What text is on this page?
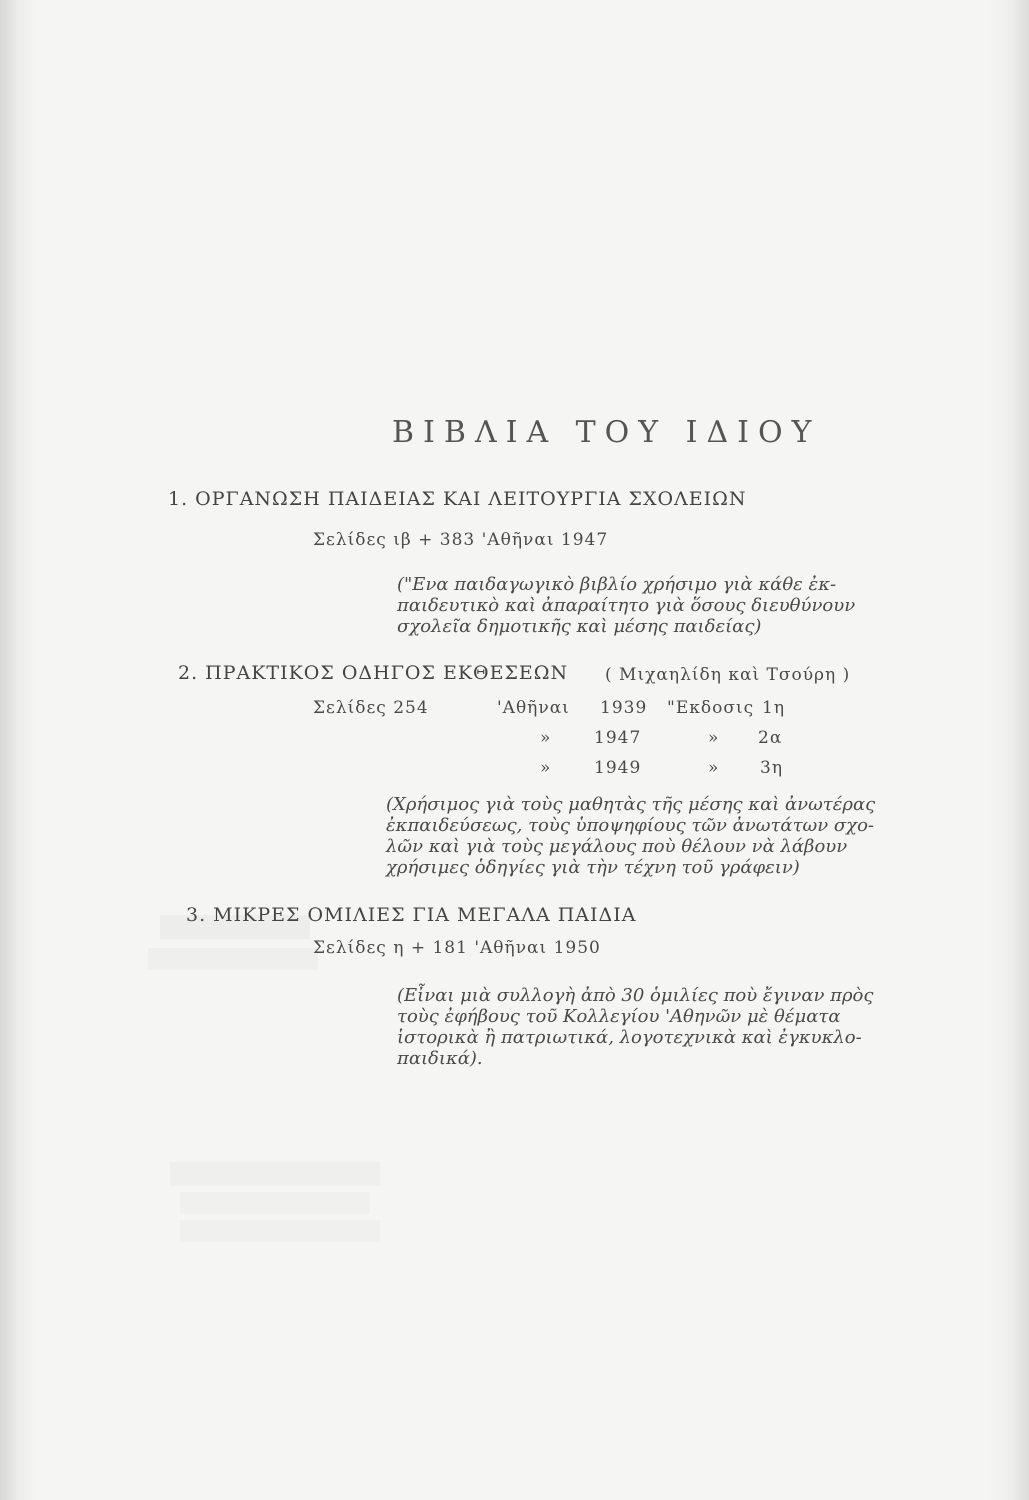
ΒΙΒΛΙΑ ΤΟΥ ΙΔΙΟΥ
1. ΟΡΓΑΝΩΣΗ ΠΑΙΔΕΙΑΣ ΚΑΙ ΛΕΙΤΟΥΡΓΙΑ ΣΧΟΛΕΙΩΝ
Σελίδες ιβ + 383 'Αθῆναι 1947
("Ενα παιδαγωγικὸ βιβλίο χρήσιμο γιὰ κάθε ἐκ-
παιδευτικὸ καὶ ἀπαραίτητο γιὰ ὅσους διευθύνουν
σχολεῖα δημοτικῆς καὶ μέσης παιδείας)
2. ΠΡΑΚΤΙΚΟΣ ΟΔΗΓΟΣ ΕΚΘΕΣΕΩΝ ( Μιχαηλίδη καὶ Τσούρη )
Σελίδες 254	'Αθῆναι 1939 "Εκδοσις 1η
»	1947	» 2α
»	1949	» 3η
(Χρήσιμος γιὰ τοὺς μαθητὰς τῆς μέσης καὶ ἀνωτέρας
ἐκπαιδεύσεως, τοὺς ὑποψηφίους τῶν ἀνωτάτων σχο-
λῶν καὶ γιὰ τοὺς μεγάλους ποὺ θέλουν νὰ λάβουν
χρήσιμες ὁδηγίες γιὰ τὴν τέχνη τοῦ γράφειν)
3. ΜΙΚΡΕΣ ΟΜΙΛΙΕΣ ΓΙΑ ΜΕΓΑΛΑ ΠΑΙΔΙΑ
Σελίδες η + 181 'Αθῆναι 1950
(Εἶναι μιὰ συλλογὴ ἀπὸ 30 ὁμιλίες ποὺ ἔγιναν πρὸς
τοὺς ἐφήβους τοῦ Κολλεγίου 'Αθηνῶν μὲ θέματα
ἱστορικὰ ἢ πατριωτικά, λογοτεχνικὰ καὶ ἐγκυκλο-
παιδικά).
